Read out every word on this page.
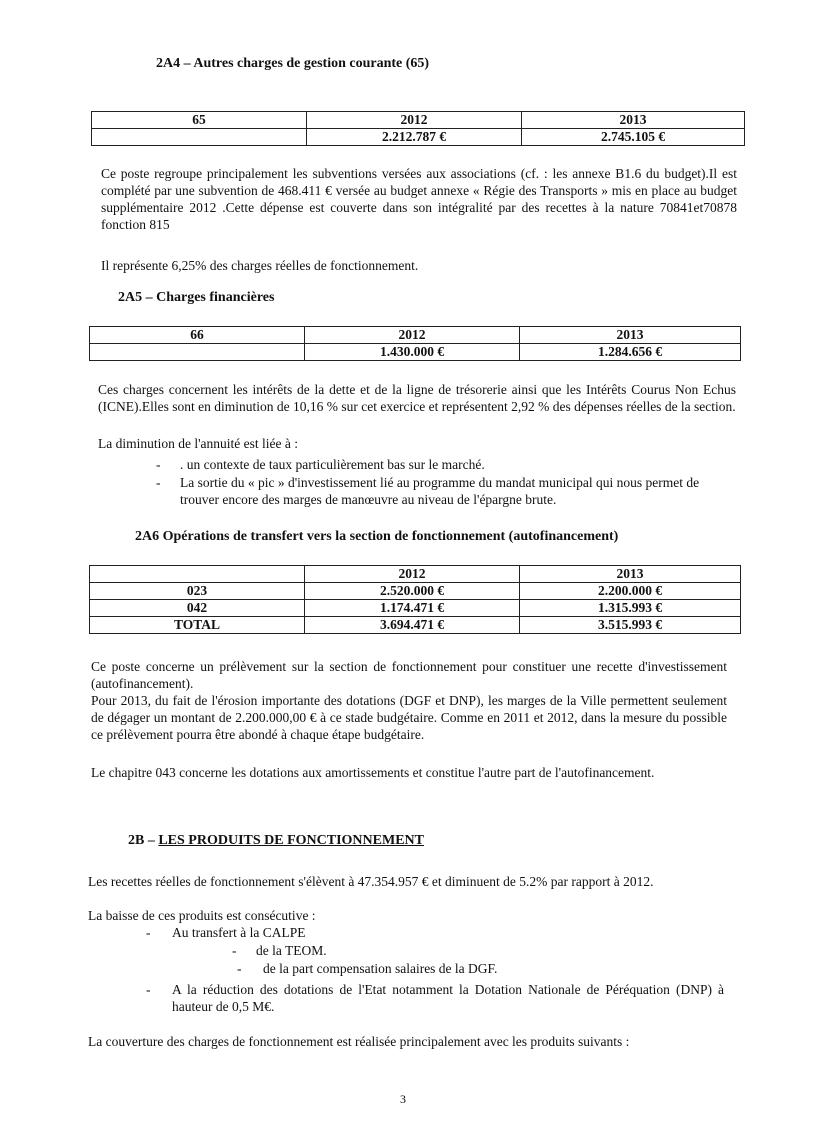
2A4 – Autres charges de gestion courante (65)
65	2012	2013
	2.212.787 €	2.745.105 €
Ce poste regroupe principalement les subventions versées aux associations (cf. : les annexe B1.6 du budget).Il est complété par une subvention de 468.411 € versée au budget annexe « Régie des Transports » mis en place au budget supplémentaire 2012 .Cette dépense est couverte dans son intégralité par des recettes à la nature 70841et70878 fonction 815
Il représente 6,25% des charges réelles de fonctionnement.
2A5 – Charges financières
66	2012	2013
	1.430.000 €	1.284.656 €
Ces charges concernent les intérêts de la dette et de la ligne de trésorerie ainsi que les Intérêts Courus Non Echus (ICNE).Elles sont en diminution de 10,16 % sur cet exercice et représentent 2,92 % des dépenses réelles de la section.
La diminution de l'annuité est liée à :
- . un contexte de taux particulièrement bas sur le marché.
- La sortie du « pic » d'investissement lié au programme du mandat municipal qui nous permet de trouver encore des marges de manœuvre au niveau de l'épargne brute.
2A6 Opérations de transfert vers la section de fonctionnement (autofinancement)
	2012	2013
023	2.520.000 €	2.200.000 €
042	1.174.471 €	1.315.993 €
TOTAL	3.694.471 €	3.515.993 €
Ce poste concerne un prélèvement sur la section de fonctionnement pour constituer une recette d'investissement (autofinancement).
Pour 2013, du fait de l'érosion importante des dotations (DGF et DNP), les marges de la Ville permettent seulement de dégager un montant de 2.200.000,00 € à ce stade budgétaire. Comme en 2011 et 2012, dans la mesure du possible ce prélèvement pourra être abondé à chaque étape budgétaire.
Le chapitre 043 concerne les dotations aux amortissements et constitue l'autre part de l'autofinancement.
2B – LES PRODUITS DE FONCTIONNEMENT
Les recettes réelles de fonctionnement s'élèvent à 47.354.957 € et diminuent de 5.2% par rapport à 2012.
La baisse de ces produits est consécutive :
- Au transfert à la CALPE
- de la TEOM.
- de la part compensation salaires de la DGF.
- A la réduction des dotations de l'Etat notamment la Dotation Nationale de Péréquation (DNP) à hauteur de 0,5 M€.
La couverture des charges de fonctionnement est réalisée principalement avec les produits suivants :
3
